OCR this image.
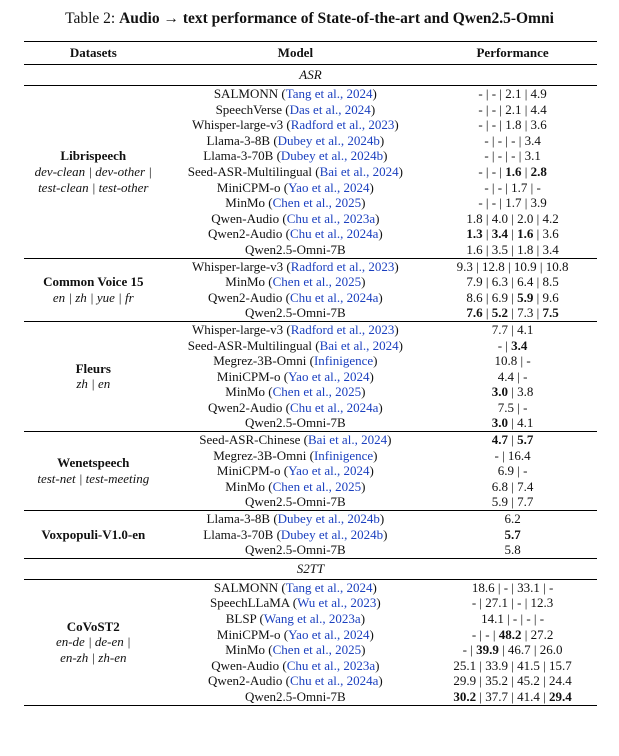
Table 2: Audio → text performance of State-of-the-art and Qwen2.5-Omni
Datasets	Model	Performance
ASR		
Librispeech
dev-clean | dev-other |
test-clean | test-other	SALMONN (Tang et al., 2024)	- | - | 2.1 | 4.9
	SpeechVerse (Das et al., 2024)	- | - | 2.1 | 4.4
	Whisper-large-v3 (Radford et al., 2023)	- | - | 1.8 | 3.6
	Llama-3-8B (Dubey et al., 2024b)	- | - | - | 3.4
	Llama-3-70B (Dubey et al., 2024b)	- | - | - | 3.1
	Seed-ASR-Multilingual (Bai et al., 2024)	- | - | 1.6 | 2.8
	MiniCPM-o (Yao et al., 2024)	- | - | 1.7 | -
	MinMo (Chen et al., 2025)	- | - | 1.7 | 3.9
	Qwen-Audio (Chu et al., 2023a)	1.8 | 4.0 | 2.0 | 4.2
	Qwen2-Audio (Chu et al., 2024a)	1.3 | 3.4 | 1.6 | 3.6
	Qwen2.5-Omni-7B	1.6 | 3.5 | 1.8 | 3.4
Common Voice 15
en | zh | yue | fr	Whisper-large-v3 (Radford et al., 2023)	9.3 | 12.8 | 10.9 | 10.8
	MinMo (Chen et al., 2025)	7.9 | 6.3 | 6.4 | 8.5
	Qwen2-Audio (Chu et al., 2024a)	8.6 | 6.9 | 5.9 | 9.6
	Qwen2.5-Omni-7B	7.6 | 5.2 | 7.3 | 7.5
Fleurs
zh | en	Whisper-large-v3 (Radford et al., 2023)	7.7 | 4.1
	Seed-ASR-Multilingual (Bai et al., 2024)	- | 3.4
	Megrez-3B-Omni (Infinigence)	10.8 | -
	MiniCPM-o (Yao et al., 2024)	4.4 | -
	MinMo (Chen et al., 2025)	3.0 | 3.8
	Qwen2-Audio (Chu et al., 2024a)	7.5 | -
	Qwen2.5-Omni-7B	3.0 | 4.1
Wenetspeech
test-net | test-meeting	Seed-ASR-Chinese (Bai et al., 2024)	4.7 | 5.7
	Megrez-3B-Omni (Infinigence)	- | 16.4
	MiniCPM-o (Yao et al., 2024)	6.9 | -
	MinMo (Chen et al., 2025)	6.8 | 7.4
	Qwen2.5-Omni-7B	5.9 | 7.7
Voxpopuli-V1.0-en	Llama-3-8B (Dubey et al., 2024b)	6.2
	Llama-3-70B (Dubey et al., 2024b)	5.7
	Qwen2.5-Omni-7B	5.8
S2TT		
CoVoST2
en-de | de-en |
en-zh | zh-en	SALMONN (Tang et al., 2024)	18.6 | - | 33.1 | -
	SpeechLLaMA (Wu et al., 2023)	- | 27.1 | - | 12.3
	BLSP (Wang et al., 2023a)	14.1 | - | - | -
	MiniCPM-o (Yao et al., 2024)	- | - | 48.2 | 27.2
	MinMo (Chen et al., 2025)	- | 39.9 | 46.7 | 26.0
	Qwen-Audio (Chu et al., 2023a)	25.1 | 33.9 | 41.5 | 15.7
	Qwen2-Audio (Chu et al., 2024a)	29.9 | 35.2 | 45.2 | 24.4
	Qwen2.5-Omni-7B	30.2 | 37.7 | 41.4 | 29.4
